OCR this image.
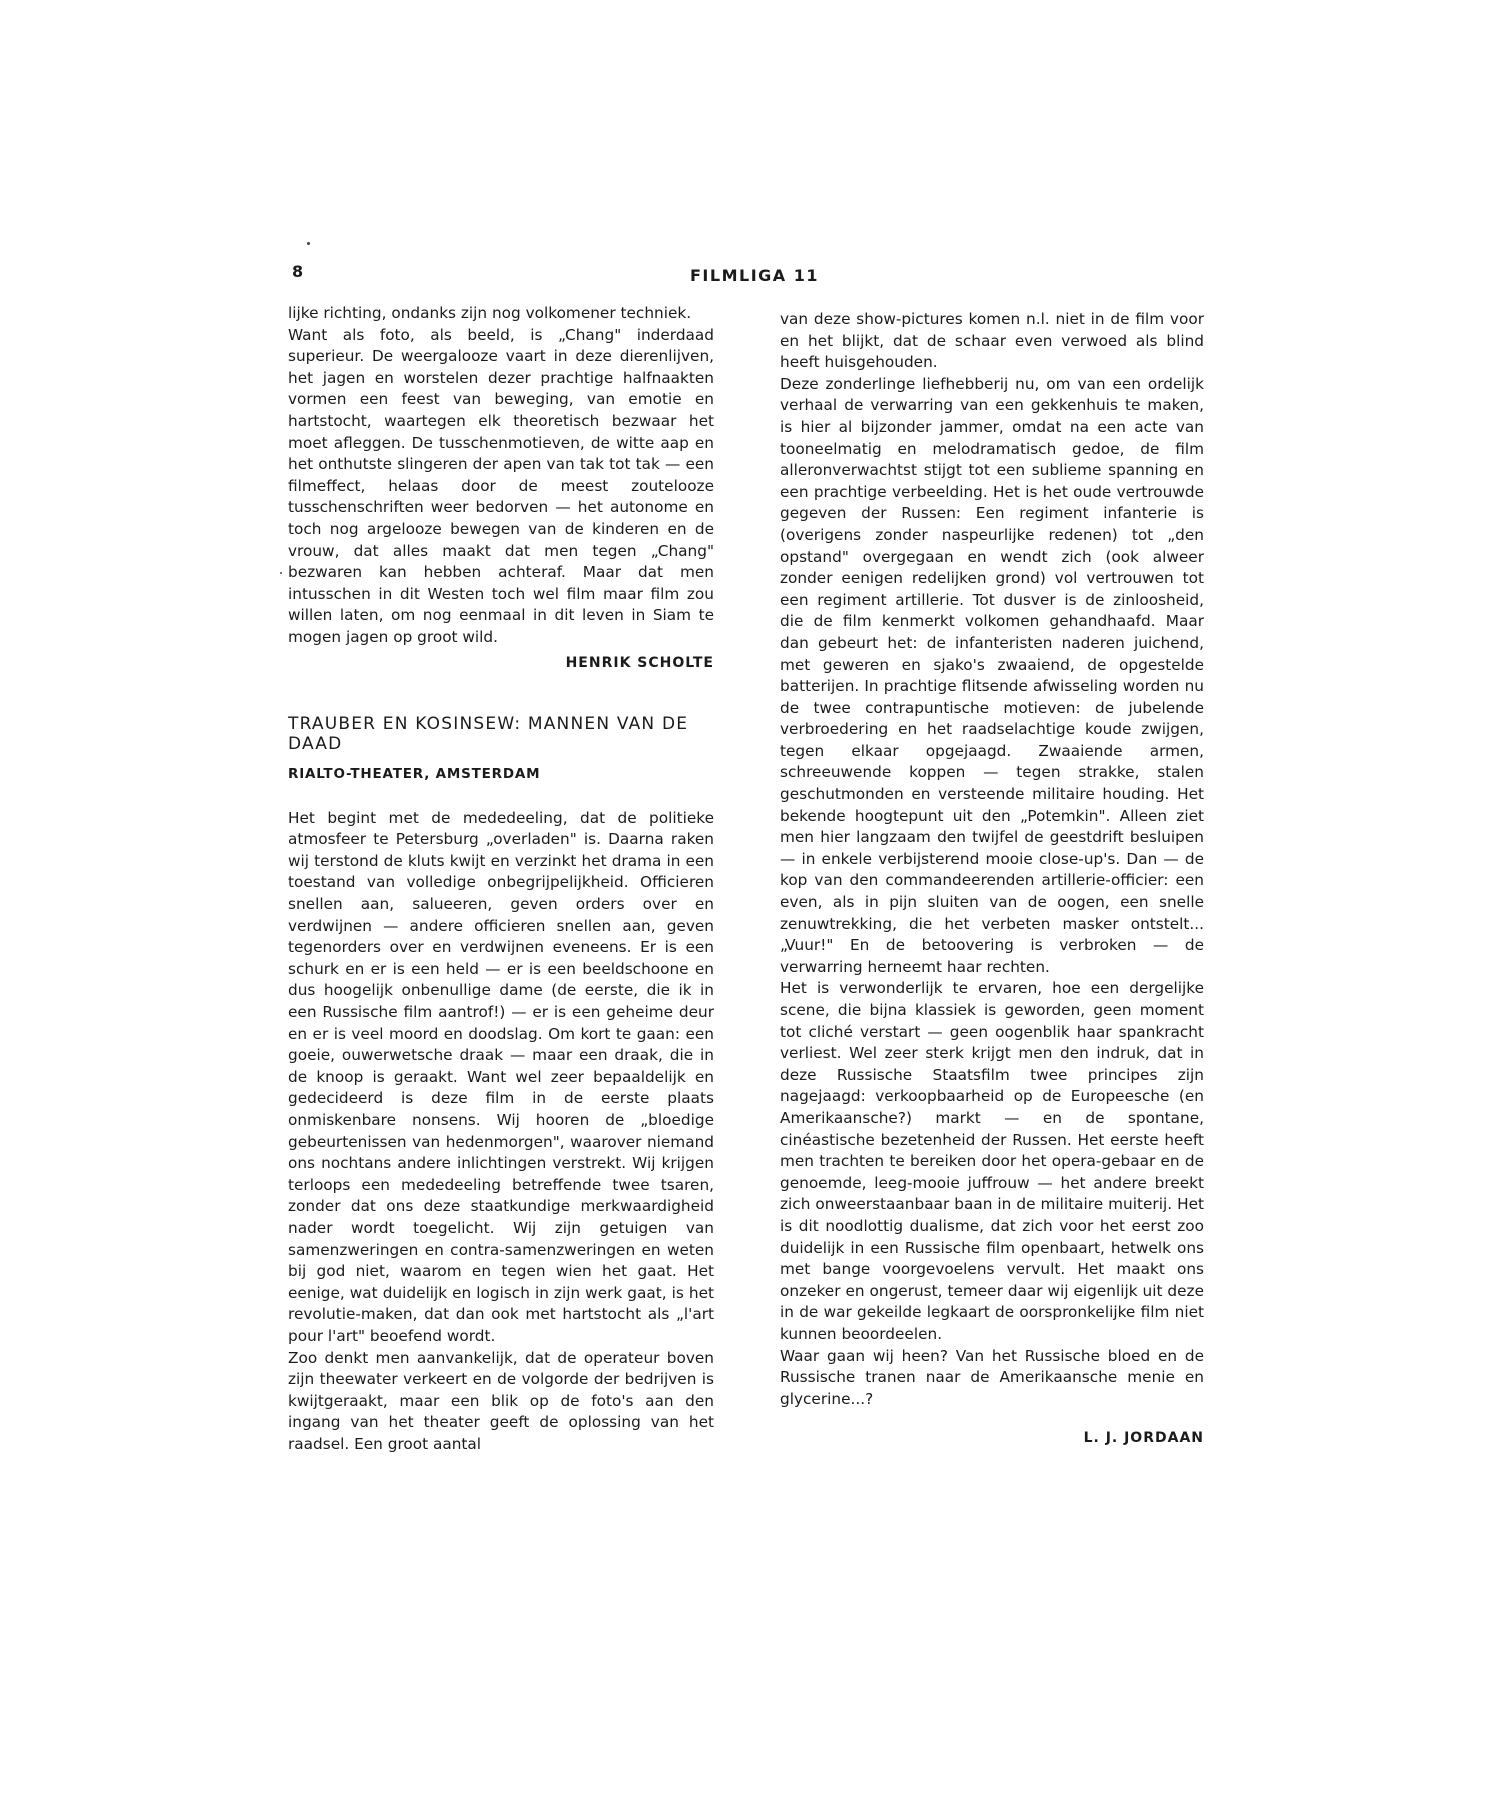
8	FILMLIGA 11

lijke richting, ondanks zijn nog volkomener techniek.

Want als foto, als beeld, is „Chang" inderdaad superieur. De weergalooze vaart in deze dierenlijven, het jagen en worstelen dezer prachtige halfnaakten vormen een feest van beweging, van emotie en hartstocht, waartegen elk theoretisch bezwaar het moet afleggen. De tusschenmotieven, de witte aap en het onthutste slingeren der apen van tak tot tak — een filmeffect, helaas door de meest zoutelooze tusschenschriften weer bedorven — het autonome en toch nog argelooze bewegen van de kinderen en de vrouw, dat alles maakt dat men tegen „Chang" bezwaren kan hebben achteraf. Maar dat men intusschen in dit Westen toch wel film maar film zou willen laten, om nog eenmaal in dit leven in Siam te mogen jagen op groot wild.

HENRIK SCHOLTE
TRAUBER EN KOSINSEW: MANNEN VAN DE DAAD
RIALTO-THEATER, AMSTERDAM

Het begint met de mededeeling, dat de politieke atmosfeer te Petersburg „overladen" is. Daarna raken wij terstond de kluts kwijt en verzinkt het drama in een toestand van volledige onbegrijpelijkheid. Officieren snellen aan, salueeren, geven orders over en verdwijnen — andere officieren snellen aan, geven tegenorders over en verdwijnen eveneens. Er is een schurk en er is een held — er is een beeldschoone en dus hoogelijk onbenullige dame (de eerste, die ik in een Russische film aantrof!) — er is een geheime deur en er is veel moord en doodslag. Om kort te gaan: een goeie, ouwerwetsche draak — maar een draak, die in de knoop is geraakt. Want wel zeer bepaaldelijk en gedecideerd is deze film in de eerste plaats onmiskenbare nonsens. Wij hooren de „bloedige gebeurtenissen van hedenmorgen", waarover niemand ons nochtans andere inlichtingen verstrekt. Wij krijgen terloops een mededeeling betreffende twee tsaren, zonder dat ons deze staatkundige merkwaardigheid nader wordt toegelicht. Wij zijn getuigen van samenzweringen en contra-samenzweringen en weten bij god niet, waarom en tegen wien het gaat. Het eenige, wat duidelijk en logisch in zijn werk gaat, is het revolutie-maken, dat dan ook met hartstocht als „l'art pour l'art" beoefend wordt.

Zoo denkt men aanvankelijk, dat de operateur boven zijn theewater verkeert en de volgorde der bedrijven is kwijtgeraakt, maar een blik op de foto's aan den ingang van het theater geeft de oplossing van het raadsel. Een groot aantal

van deze show-pictures komen n.l. niet in de film voor en het blijkt, dat de schaar even verwoed als blind heeft huisgehouden.

Deze zonderlinge liefhebberij nu, om van een ordelijk verhaal de verwarring van een gekkenhuis te maken, is hier al bijzonder jammer, omdat na een acte van tooneelmatig en melodramatisch gedoe, de film alleronverwachtst stijgt tot een sublieme spanning en een prachtige verbeelding. Het is het oude vertrouwde gegeven der Russen: Een regiment infanterie is (overigens zonder naspeurlijke redenen) tot „den opstand" overgegaan en wendt zich (ook alweer zonder eenigen redelijken grond) vol vertrouwen tot een regiment artillerie. Tot dusver is de zinloosheid, die de film kenmerkt volkomen gehandhaafd. Maar dan gebeurt het: de infanteristen naderen juichend, met geweren en sjako's zwaaiend, de opgestelde batterijen. In prachtige flitsende afwisseling worden nu de twee contrapuntische motieven: de jubelende verbroedering en het raadselachtige koude zwijgen, tegen elkaar opgejaagd. Zwaaiende armen, schreeuwende koppen — tegen strakke, stalen geschutmonden en versteende militaire houding. Het bekende hoogtepunt uit den „Potemkin". Alleen ziet men hier langzaam den twijfel de geestdrift besluipen — in enkele verbijsterend mooie close-up's. Dan — de kop van den commandeerenden artillerie-officier: een even, als in pijn sluiten van de oogen, een snelle zenuwtrekking, die het verbeten masker ontstelt... „Vuur!" En de betoovering is verbroken — de verwarring herneemt haar rechten.

Het is verwonderlijk te ervaren, hoe een dergelijke scene, die bijna klassiek is geworden, geen moment tot cliché verstart — geen oogenblik haar spankracht verliest. Wel zeer sterk krijgt men den indruk, dat in deze Russische Staatsfilm twee principes zijn nagejaagd: verkoopbaarheid op de Europeesche (en Amerikaansche?) markt — en de spontane, cinéastische bezetenheid der Russen. Het eerste heeft men trachten te bereiken door het opera-gebaar en de genoemde, leeg-mooie juffrouw — het andere breekt zich onweerstaanbaar baan in de militaire muiterij. Het is dit noodlottig dualisme, dat zich voor het eerst zoo duidelijk in een Russische film openbaart, hetwelk ons met bange voorgevoelens vervult. Het maakt ons onzeker en ongerust, temeer daar wij eigenlijk uit deze in de war gekeilde legkaart de oorspronkelijke film niet kunnen beoordeelen.

Waar gaan wij heen? Van het Russische bloed en de Russische tranen naar de Amerikaansche menie en glycerine...?

L. J. JORDAAN
